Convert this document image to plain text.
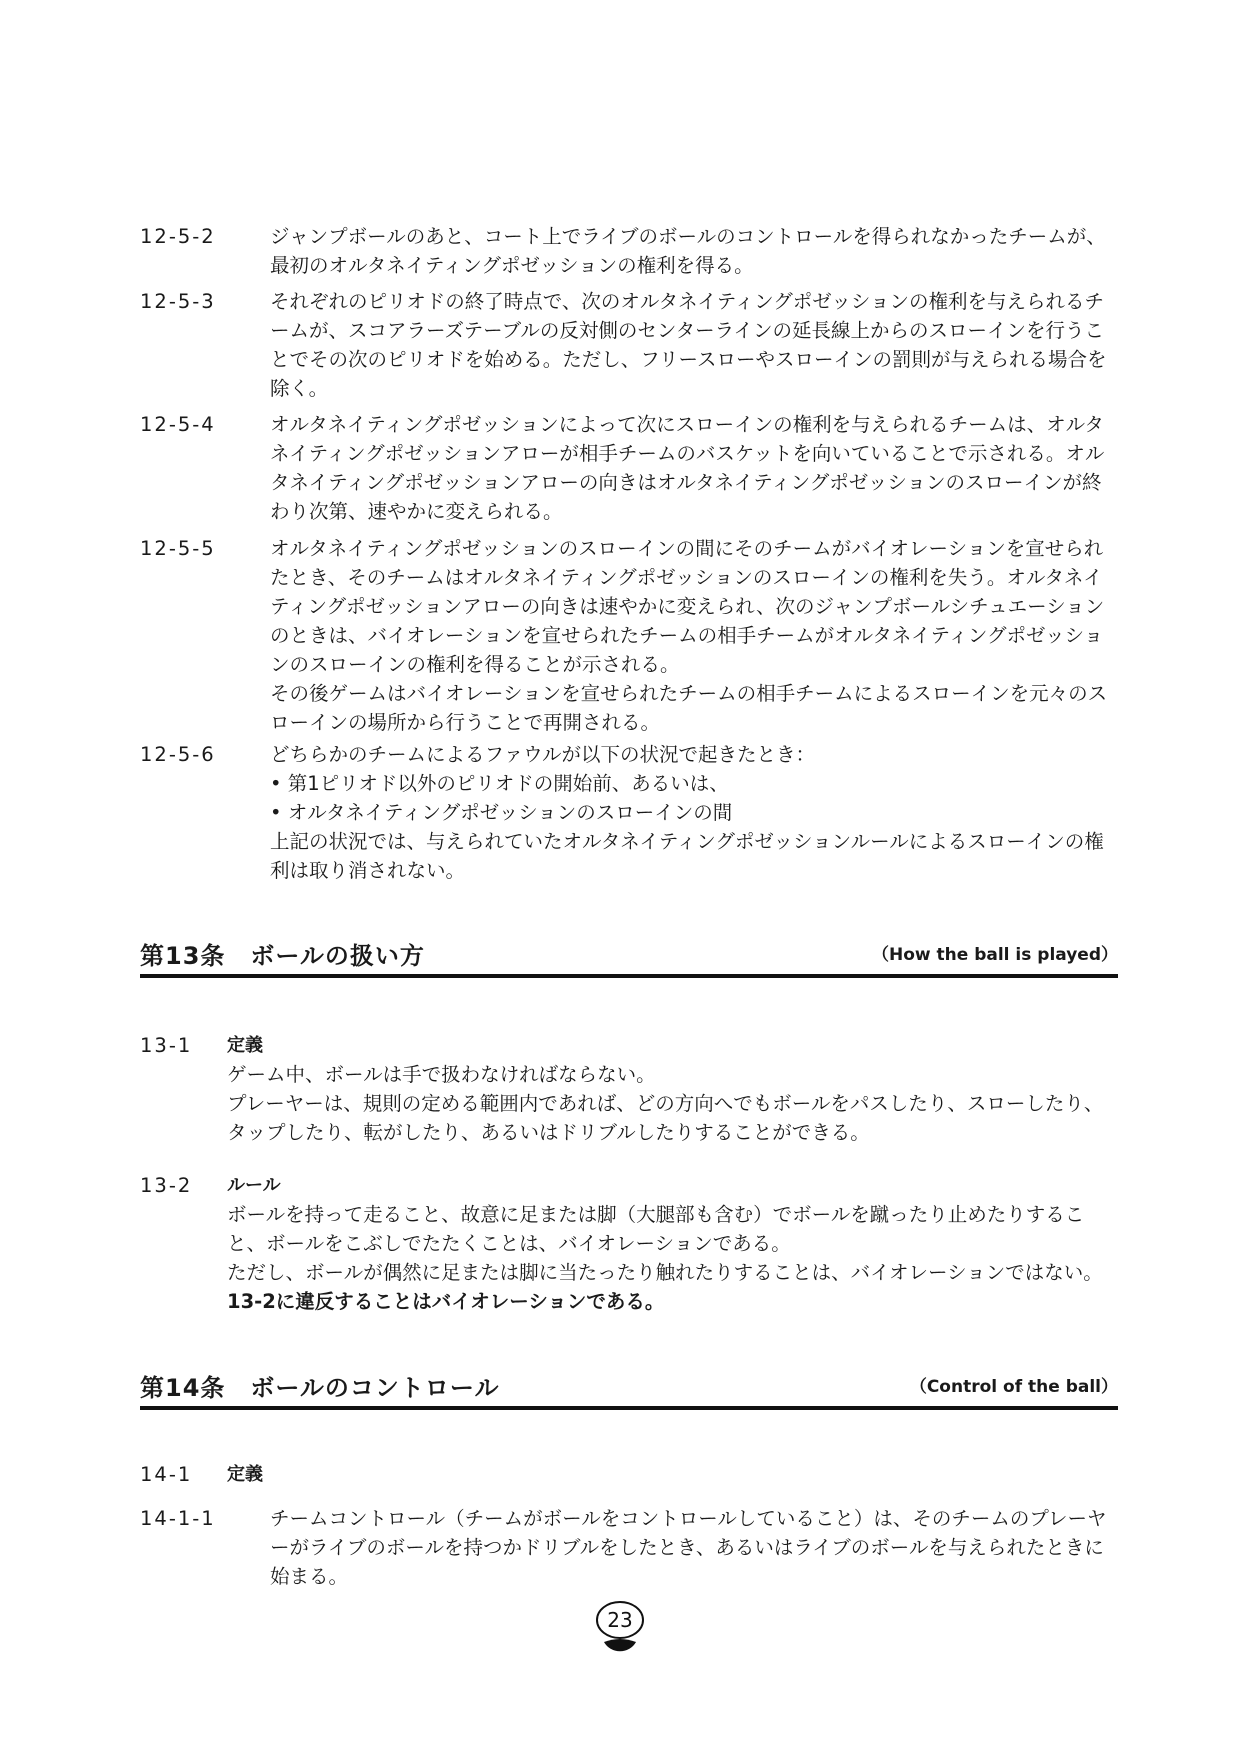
12-5-2	ジャンプボールのあと、コート上でライブのボールのコントロールを得られなかったチームが、最初のオルタネイティングポゼッションの権利を得る。

12-5-3	それぞれのピリオドの終了時点で、次のオルタネイティングポゼッションの権利を与えられるチームが、スコアラーズテーブルの反対側のセンターラインの延長線上からのスローインを行うことでその次のピリオドを始める。ただし、フリースローやスローインの罰則が与えられる場合を除く。

12-5-4	オルタネイティングポゼッションによって次にスローインの権利を与えられるチームは、オルタネイティングポゼッションアローが相手チームのバスケットを向いていることで示される。オルタネイティングポゼッションアローの向きはオルタネイティングポゼッションのスローインが終わり次第、速やかに変えられる。

12-5-5	オルタネイティングポゼッションのスローインの間にそのチームがバイオレーションを宣せられたとき、そのチームはオルタネイティングポゼッションのスローインの権利を失う。オルタネイティングポゼッションアローの向きは速やかに変えられ、次のジャンプボールシチュエーションのときは、バイオレーションを宣せられたチームの相手チームがオルタネイティングポゼッションのスローインの権利を得ることが示される。

その後ゲームはバイオレーションを宣せられたチームの相手チームによるスローインを元々のスローインの場所から行うことで再開される。

12-5-6	どちらかのチームによるファウルが以下の状況で起きたとき：

• 第1ピリオド以外のピリオドの開始前、あるいは、

• オルタネイティングポゼッションのスローインの間

上記の状況では、与えられていたオルタネイティングポゼッションルールによるスローインの権利は取り消されない。

第13条　ボールの扱い方	（How the ball is played）
13-1 定義

ゲーム中、ボールは手で扱わなければならない。

プレーヤーは、規則の定める範囲内であれば、どの方向へでもボールをパスしたり、スローしたり、タップしたり、転がしたり、あるいはドリブルしたりすることができる。

13-2 ルール

ボールを持って走ること、故意に足または脚（大腿部も含む）でボールを蹴ったり止めたりすること、ボールをこぶしでたたくことは、バイオレーションである。

ただし、ボールが偶然に足または脚に当たったり触れたりすることは、バイオレーションではない。

13-2に違反することはバイオレーションである。

第14条　ボールのコントロール	（Control of the ball）
14-1 定義
14-1-1	チームコントロール（チームがボールをコントロールしていること）は、そのチームのプレーヤーがライブのボールを持つかドリブルをしたとき、あるいはライブのボールを与えられたときに始まる。

23
